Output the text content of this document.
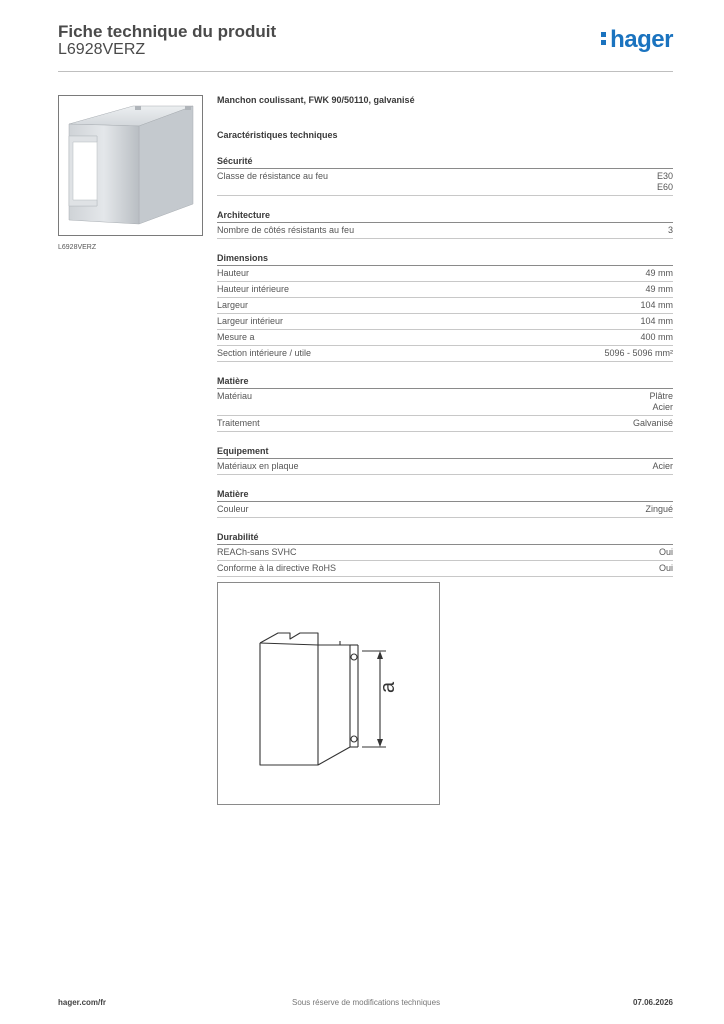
Fiche technique du produit
L6928VERZ	hager
L6928VERZ
Manchon coulissant, FWK 90/50110, galvanisé
Caractéristiques techniques
Sécurité
Classe de résistance au feu	E30
E60
Architecture
Nombre de côtés résistants au feu	3
Dimensions
Hauteur	49 mm
Hauteur intérieure	49 mm
Largeur	104 mm
Largeur intérieur	104 mm
Mesure a	400 mm
Section intérieure / utile	5096 - 5096 mm²
Matière
Matériau	Plâtre
Acier
Traitement	Galvanisé
Equipement
Matériaux en plaque	Acier
Matière
Couleur	Zingué
Durabilité
REACh-sans SVHC	Oui
Conforme à la directive RoHS	Oui
a
hager.com/fr	Sous réserve de modifications techniques	07.06.2026
